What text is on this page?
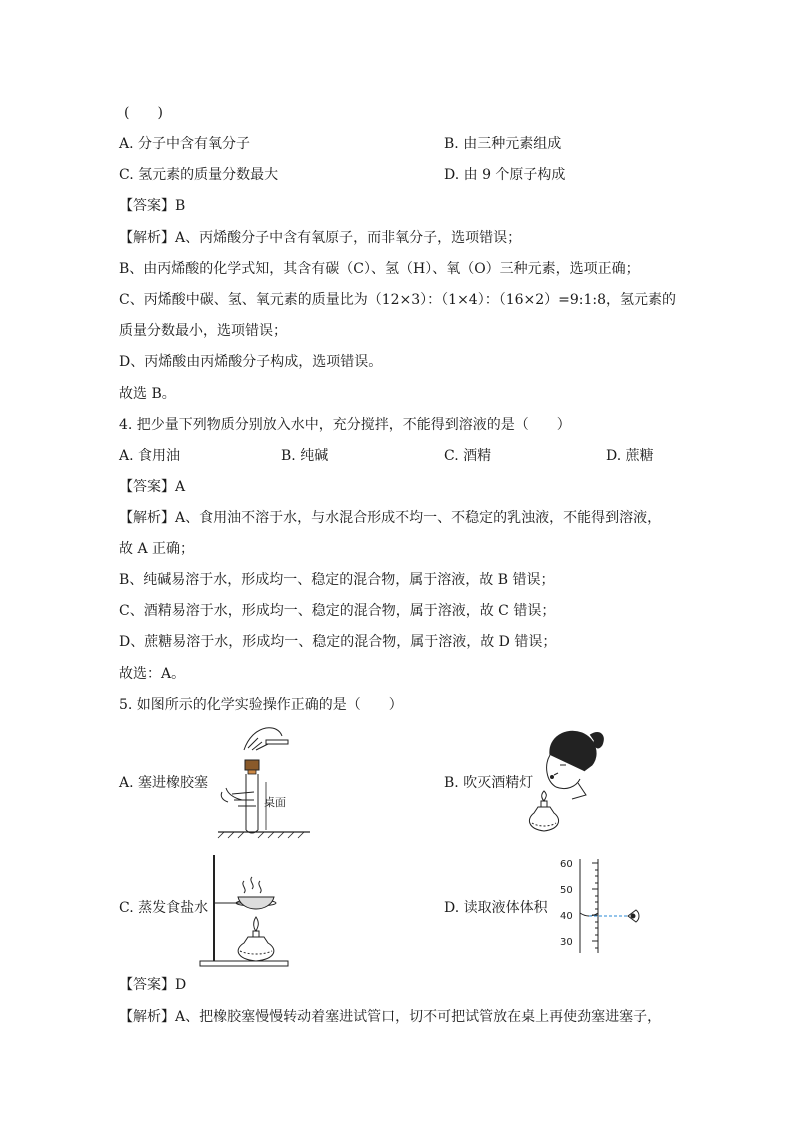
(　　)
A. 分子中含有氧分子	B. 由三种元素组成
C. 氢元素的质量分数最大	D. 由 9 个原子构成
【答案】B
【解析】A、丙烯酸分子中含有氧原子，而非氧分子，选项错误；
B、由丙烯酸的化学式知，其含有碳（C）、氢（H）、氧（O）三种元素，选项正确；
C、丙烯酸中碳、氢、氧元素的质量比为（12×3）：（1×4）：（16×2）=9:1:8，氢元素的
质量分数最小，选项错误；
D、丙烯酸由丙烯酸分子构成，选项错误。
故选 B。
4. 把少量下列物质分别放入水中，充分搅拌，不能得到溶液的是（　　）
A. 食用油	B. 纯碱	C. 酒精	D. 蔗糖
【答案】A
【解析】A、食用油不溶于水，与水混合形成不均一、不稳定的乳浊液，不能得到溶液，
故 A 正确；
B、纯碱易溶于水，形成均一、稳定的混合物，属于溶液，故 B 错误；
C、酒精易溶于水，形成均一、稳定的混合物，属于溶液，故 C 错误；
D、蔗糖易溶于水，形成均一、稳定的混合物，属于溶液，故 D 错误；
故选：A。
5. 如图所示的化学实验操作正确的是（　　）
A. 塞进橡胶塞	B. 吹灭酒精灯
C. 蒸发食盐水	D. 读取液体体积
桌面
60
50
40
30
【答案】D
【解析】A、把橡胶塞慢慢转动着塞进试管口，切不可把试管放在桌上再使劲塞进塞子，
